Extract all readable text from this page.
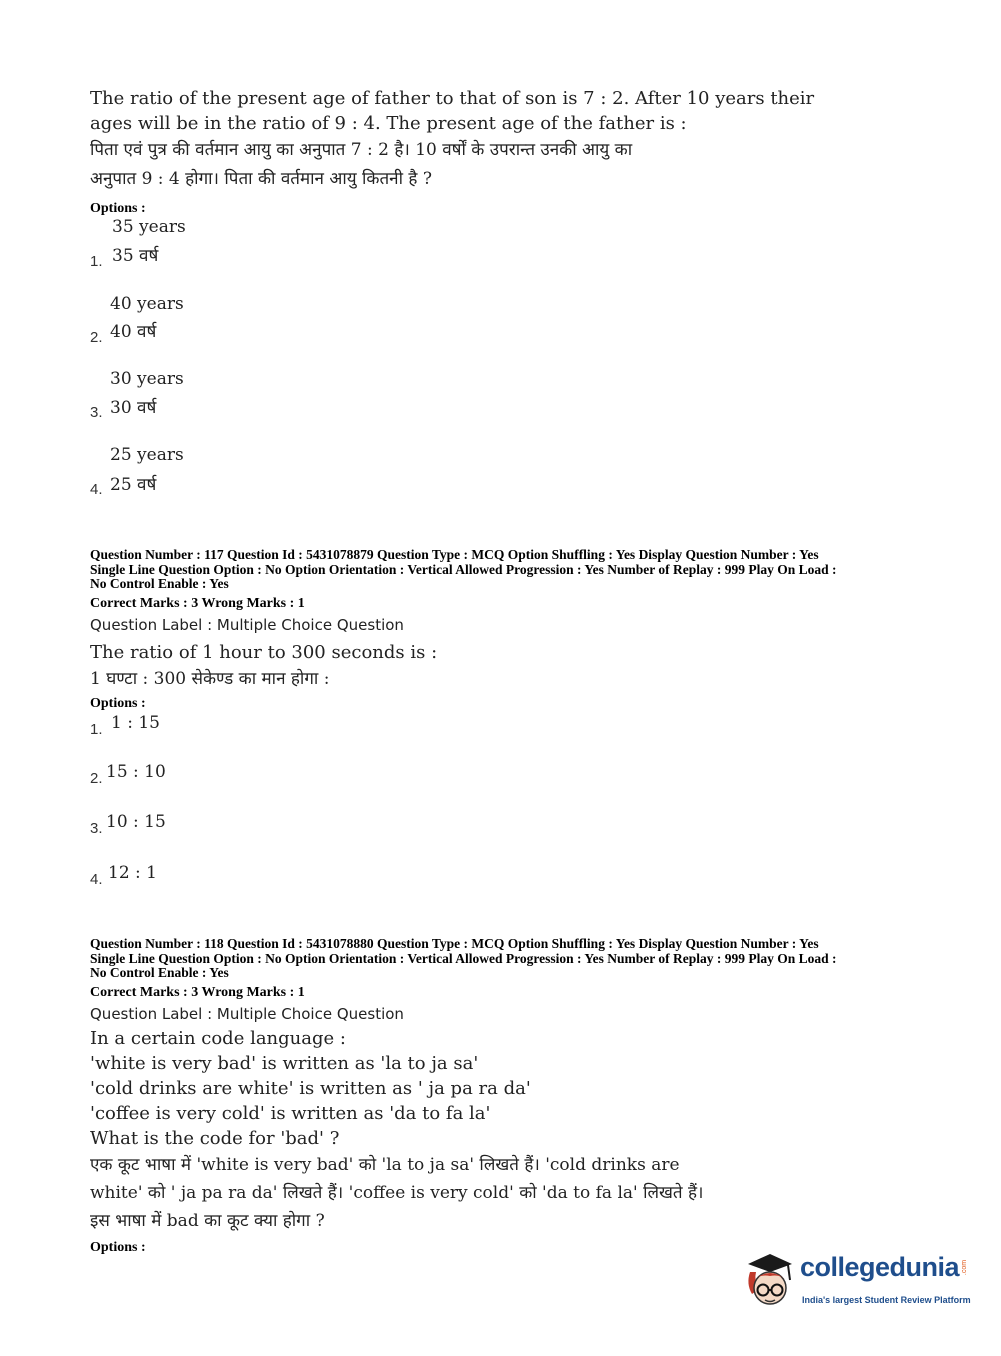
The ratio of the present age of father to that of son is 7 : 2. After 10 years their
ages will be in the ratio of 9 : 4. The present age of the father is :
पिता एवं पुत्र की वर्तमान आयु का अनुपात 7 : 2 है। 10 वर्षों के उपरान्त उनकी आयु का
अनुपात 9 : 4 होगा। पिता की वर्तमान आयु कितनी है ?
Options :
35 years
1. 35 वर्ष
40 years
2. 40 वर्ष
30 years
3. 30 वर्ष
25 years
4. 25 वर्ष
Question Number : 117 Question Id : 5431078879 Question Type : MCQ Option Shuffling : Yes Display Question Number : Yes
Single Line Question Option : No Option Orientation : Vertical Allowed Progression : Yes Number of Replay : 999 Play On Load :
No Control Enable : Yes
Correct Marks : 3 Wrong Marks : 1
Question Label : Multiple Choice Question
The ratio of 1 hour to 300 seconds is :
1 घण्टा : 300 सेकेण्ड का मान होगा :
Options :
1. 1 : 15
2. 15 : 10
3. 10 : 15
4. 12 : 1
Question Number : 118 Question Id : 5431078880 Question Type : MCQ Option Shuffling : Yes Display Question Number : Yes
Single Line Question Option : No Option Orientation : Vertical Allowed Progression : Yes Number of Replay : 999 Play On Load :
No Control Enable : Yes
Correct Marks : 3 Wrong Marks : 1
Question Label : Multiple Choice Question
In a certain code language :
'white is very bad' is written as 'la to ja sa'
'cold drinks are white' is written as ' ja pa ra da'
'coffee is very cold' is written as 'da to fa la'
What is the code for 'bad' ?
एक कूट भाषा में 'white is very bad' को 'la to ja sa' लिखते हैं। 'cold drinks are
white' को ' ja pa ra da' लिखते हैं। 'coffee is very cold' को 'da to fa la' लिखते हैं।
इस भाषा में bad का कूट क्या होगा ?
Options :
collegedunia .com
India's largest Student Review Platform
